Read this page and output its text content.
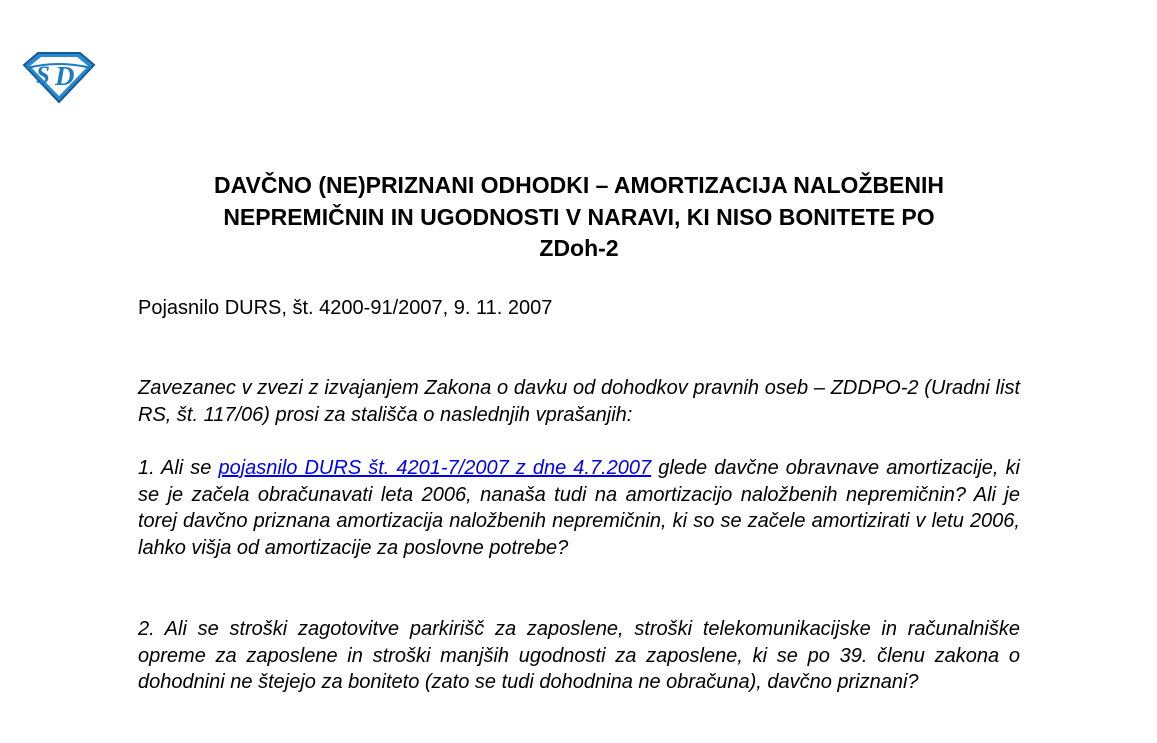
S D
DAVČNO (NE)PRIZNANI ODHODKI – AMORTIZACIJA NALOŽBENIH
NEPREMIČNIN IN UGODNOSTI V NARAVI, KI NISO BONITETE PO
ZDoh-2

Pojasnilo DURS, št. 4200-91/2007, 9. 11. 2007

Zavezanec v zvezi z izvajanjem Zakona o davku od dohodkov pravnih oseb – ZDDPO-2 (Uradni list RS, št. 117/06) prosi za stališča o naslednjih vprašanjih:

1. Ali se pojasnilo DURS št. 4201-7/2007 z dne 4.7.2007 glede davčne obravnave amortizacije, ki se je začela obračunavati leta 2006, nanaša tudi na amortizacijo naložbenih nepremičnin? Ali je torej davčno priznana amortizacija naložbenih nepremičnin, ki so se začele amortizirati v letu 2006, lahko višja od amortizacije za poslovne potrebe?

2. Ali se stroški zagotovitve parkirišč za zaposlene, stroški telekomunikacijske in računalniške opreme za zaposlene in stroški manjših ugodnosti za zaposlene, ki se po 39. členu zakona o dohodnini ne štejejo za boniteto (zato se tudi dohodnina ne obračuna), davčno priznani?
